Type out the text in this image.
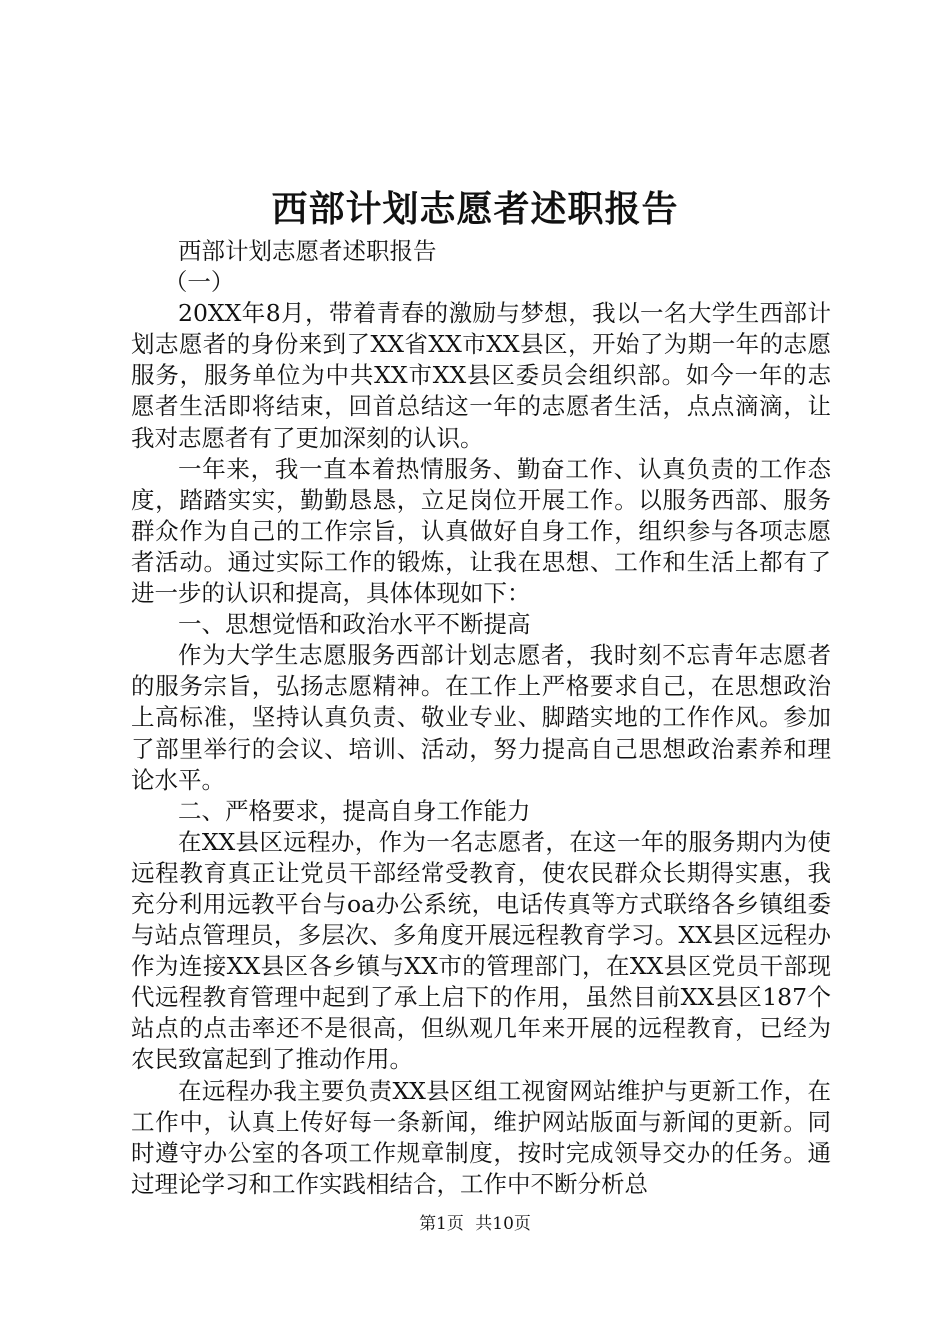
西部计划志愿者述职报告

西部计划志愿者述职报告

（一）

20XX年8月，带着青春的激励与梦想，我以一名大学生西部计划志愿者的身份来到了XX省XX市XX县区，开始了为期一年的志愿服务，服务单位为中共XX市XX县区委员会组织部。如今一年的志愿者生活即将结束，回首总结这一年的志愿者生活，点点滴滴，让我对志愿者有了更加深刻的认识。

一年来，我一直本着热情服务、勤奋工作、认真负责的工作态度，踏踏实实，勤勤恳恳，立足岗位开展工作。以服务西部、服务群众作为自己的工作宗旨，认真做好自身工作，组织参与各项志愿者活动。通过实际工作的锻炼，让我在思想、工作和生活上都有了进一步的认识和提高，具体体现如下：

一、思想觉悟和政治水平不断提高

作为大学生志愿服务西部计划志愿者，我时刻不忘青年志愿者的服务宗旨，弘扬志愿精神。在工作上严格要求自己，在思想政治上高标准，坚持认真负责、敬业专业、脚踏实地的工作作风。参加了部里举行的会议、培训、活动，努力提高自己思想政治素养和理论水平。

二、严格要求，提高自身工作能力

在XX县区远程办，作为一名志愿者，在这一年的服务期内为使远程教育真正让党员干部经常受教育，使农民群众长期得实惠，我充分利用远教平台与oa办公系统，电话传真等方式联络各乡镇组委与站点管理员，多层次、多角度开展远程教育学习。XX县区远程办作为连接XX县区各乡镇与XX市的管理部门，在XX县区党员干部现代远程教育管理中起到了承上启下的作用，虽然目前XX县区187个站点的点击率还不是很高，但纵观几年来开展的远程教育，已经为农民致富起到了推动作用。

在远程办我主要负责XX县区组工视窗网站维护与更新工作，在工作中，认真上传好每一条新闻，维护网站版面与新闻的更新。同时遵守办公室的各项工作规章制度，按时完成领导交办的任务。通过理论学习和工作实践相结合，工作中不断分析总

第1页 共10页
